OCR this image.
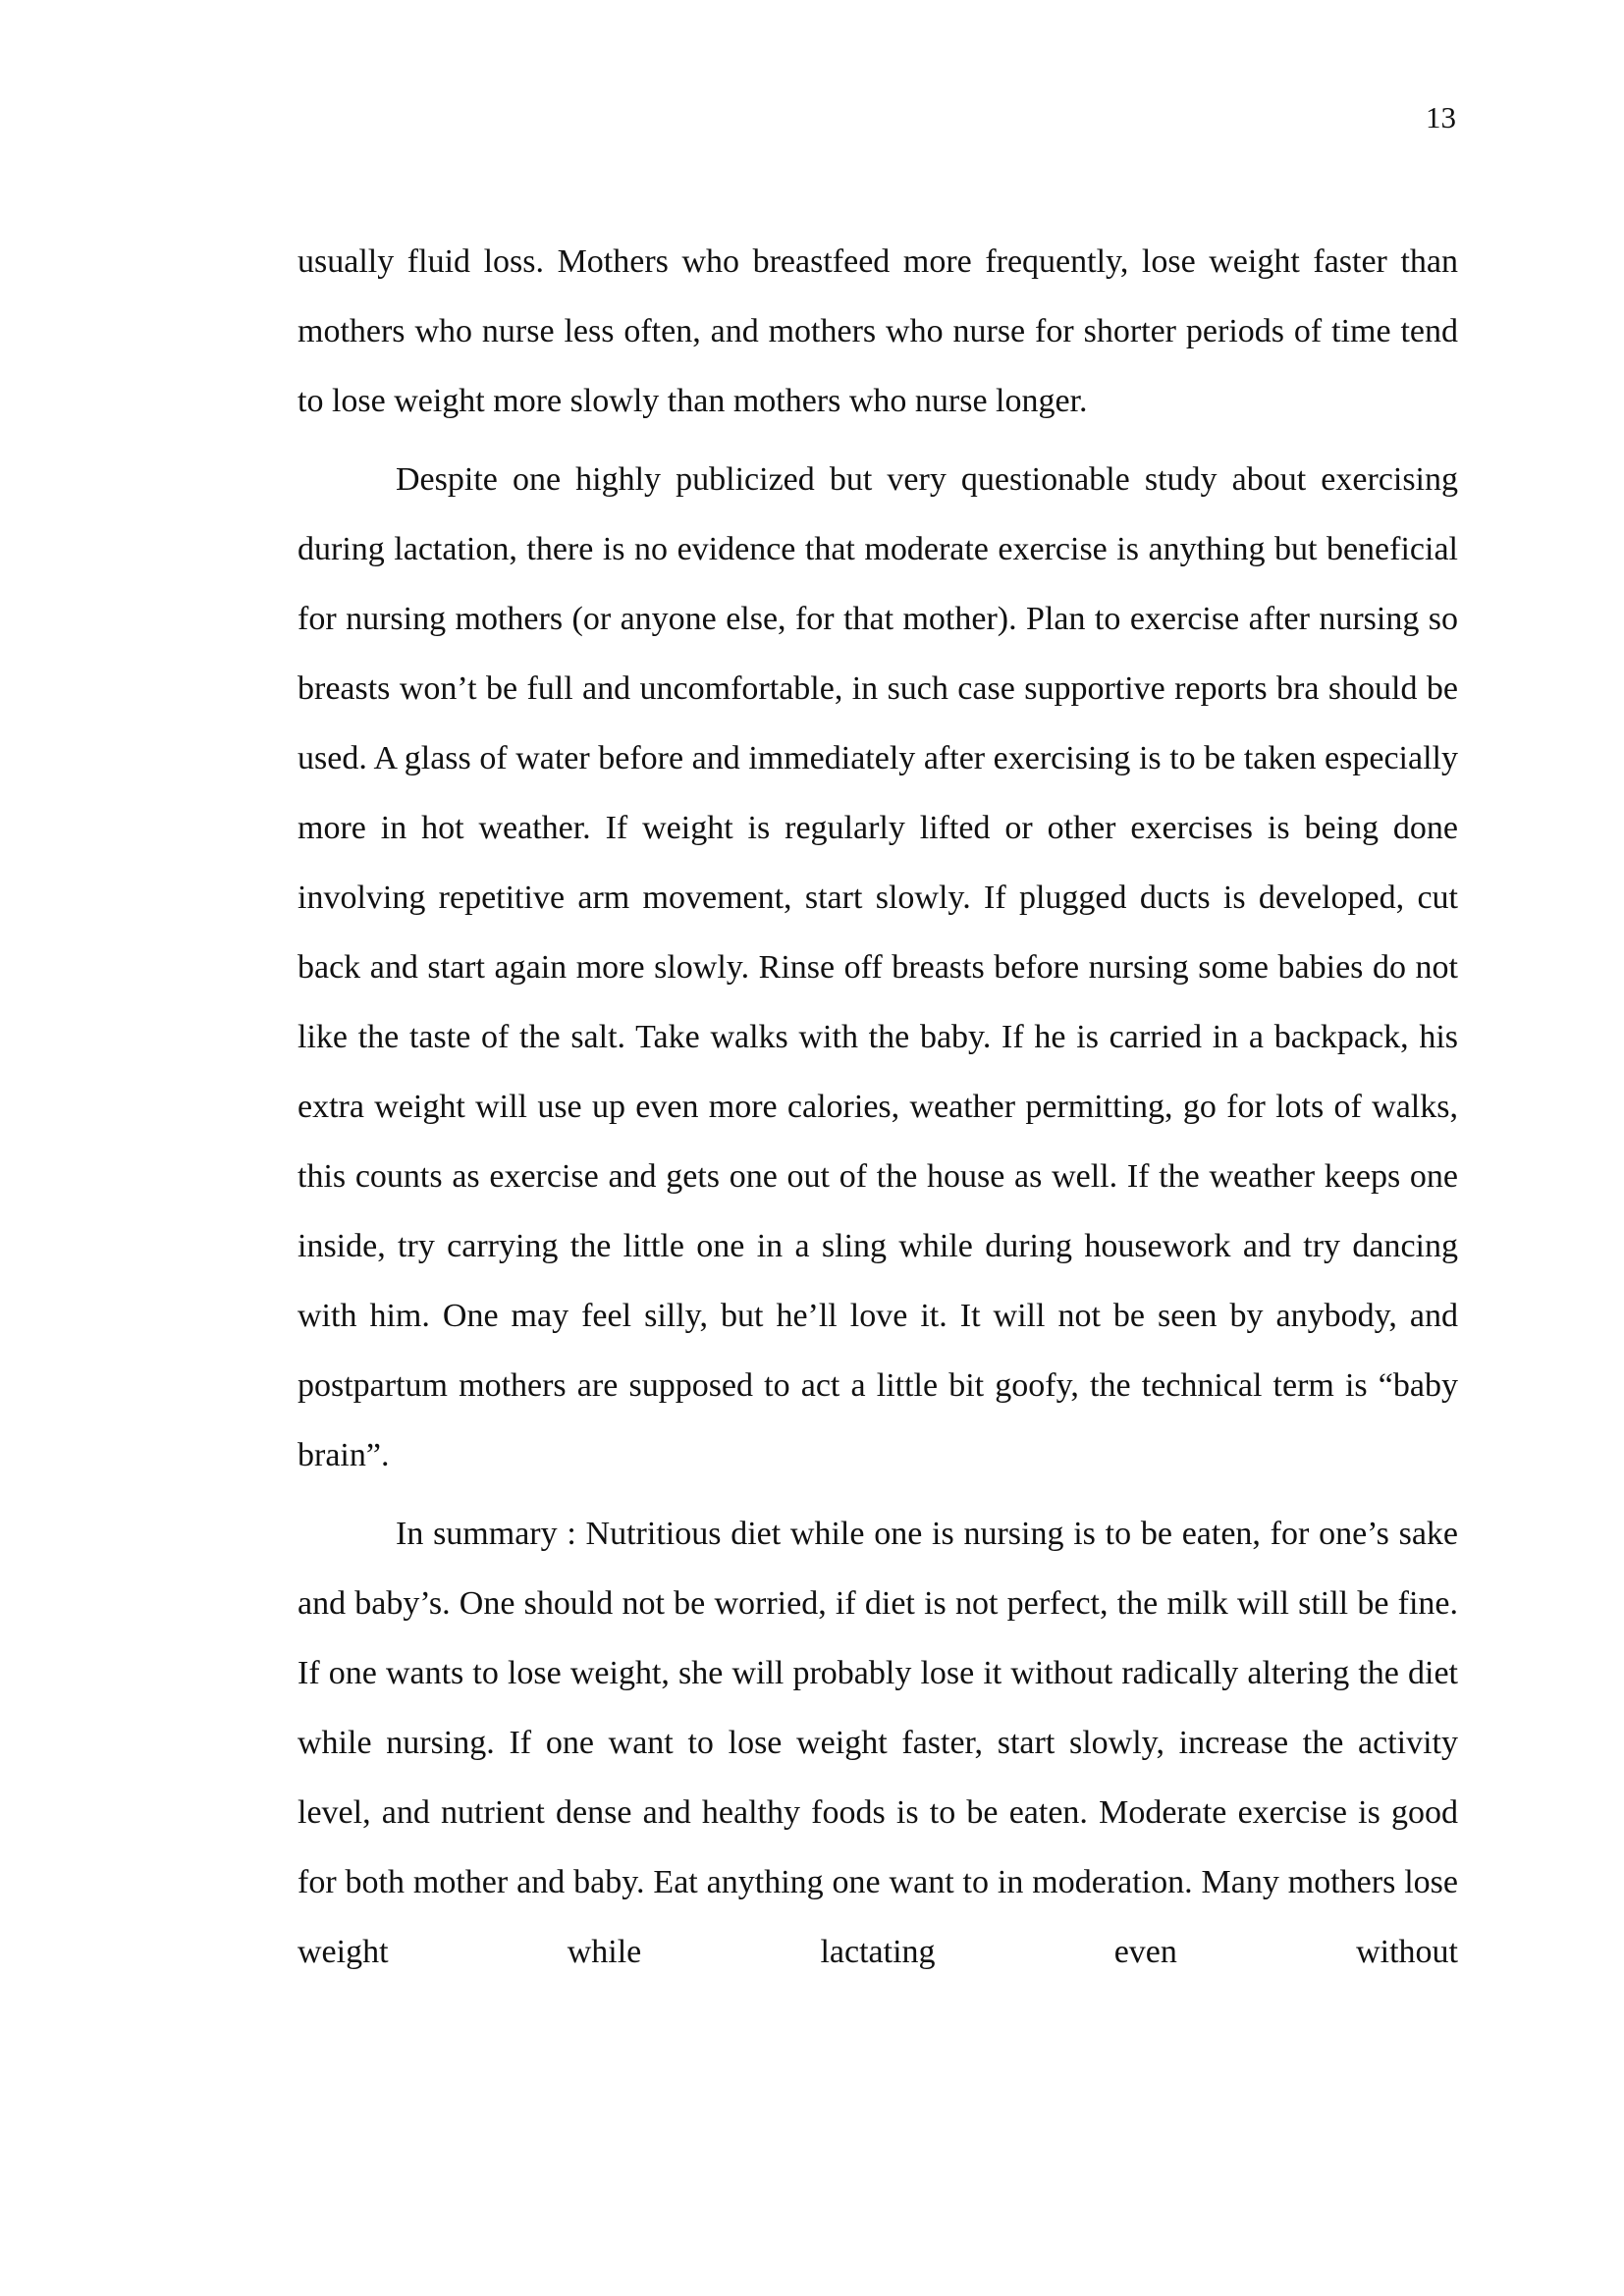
13

usually fluid loss. Mothers who breastfeed more frequently, lose weight faster than mothers who nurse less often, and mothers who nurse for shorter periods of time tend to lose weight more slowly than mothers who nurse longer.

Despite one highly publicized but very questionable study about exercising during lactation, there is no evidence that moderate exercise is anything but beneficial for nursing mothers (or anyone else, for that mother). Plan to exercise after nursing so breasts won’t be full and uncomfortable, in such case supportive reports bra should be used. A glass of water before and immediately after exercising is to be taken especially more in hot weather. If weight is regularly lifted or other exercises is being done involving repetitive arm movement, start slowly. If plugged ducts is developed, cut back and start again more slowly. Rinse off breasts before nursing some babies do not like the taste of the salt. Take walks with the baby. If he is carried in a backpack, his extra weight will use up even more calories, weather permitting, go for lots of walks, this counts as exercise and gets one out of the house as well. If the weather keeps one inside, try carrying the little one in a sling while during housework and try dancing with him. One may feel silly, but he’ll love it. It will not be seen by anybody, and postpartum mothers are supposed to act a little bit goofy, the technical term is “baby brain”.

In summary : Nutritious diet while one is nursing is to be eaten, for one’s sake and baby’s. One should not be worried, if diet is not perfect, the milk will still be fine. If one wants to lose weight, she will probably lose it without radically altering the diet while nursing. If one want to lose weight faster, start slowly, increase the activity level, and nutrient dense and healthy foods is to be eaten. Moderate exercise is good for both mother and baby. Eat anything one want to in moderation. Many mothers lose weight while lactating even without
